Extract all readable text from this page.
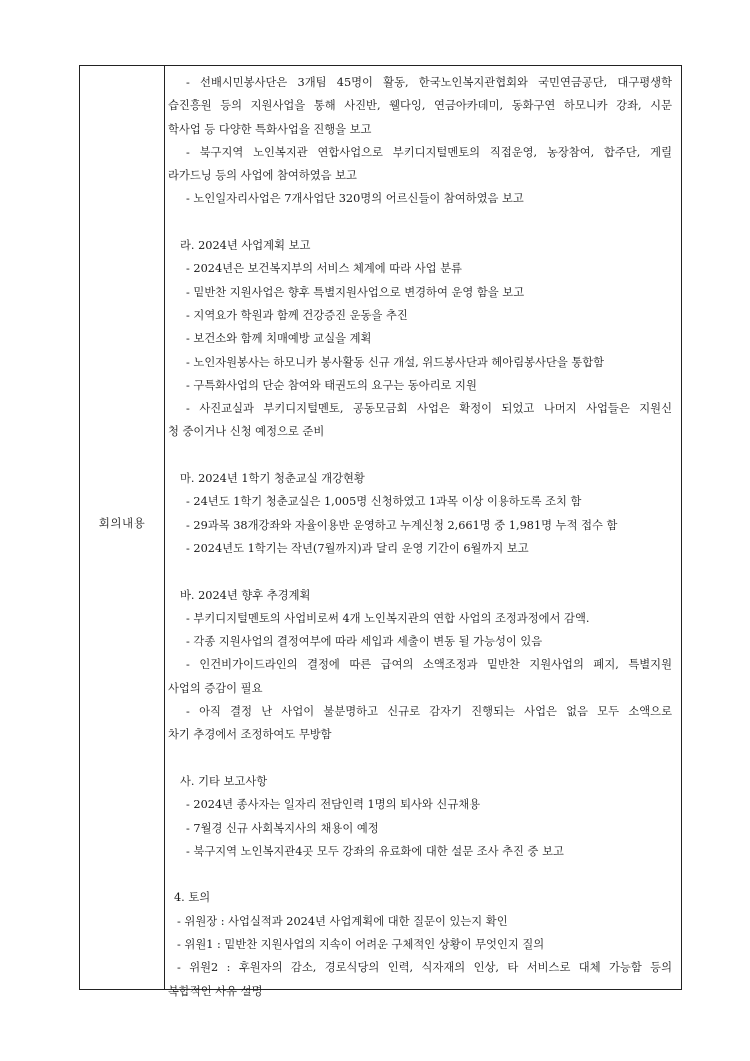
회의내용
- 선배시민봉사단은 3개팀 45명이 활동, 한국노인복지관협회와 국민연금공단, 대구평생학
습진흥원 등의 지원사업을 통해 사진반, 웰다잉, 연금아카데미, 동화구연 하모니카 강좌, 시문
학사업 등 다양한 특화사업을 진행을 보고
- 북구지역 노인복지관 연합사업으로 부키디지털멘토의 직접운영, 농장참여, 합주단, 게릴
라가드닝 등의 사업에 참여하였음 보고
- 노인일자리사업은 7개사업단 320명의 어르신들이 참여하였음 보고
라. 2024년 사업계획 보고
- 2024년은 보건복지부의 서비스 체계에 따라 사업 분류
- 밑반찬 지원사업은 향후 특별지원사업으로 변경하여 운영 함을 보고
- 지역요가 학원과 함께 건강증진 운동을 추진
- 보건소와 함께 치매예방 교실을 계획
- 노인자원봉사는 하모니카 봉사활동 신규 개설, 위드봉사단과 헤아림봉사단을 통합함
- 구특화사업의 단순 참여와 태권도의 요구는 동아리로 지원
- 사진교실과 부키디지털멘토, 공동모금회 사업은 확정이 되었고 나머지 사업들은 지원신
청 중이거나 신청 예정으로 준비
마. 2024년 1학기 청춘교실 개강현황
- 24년도 1학기 청춘교실은 1,005명 신청하였고 1과목 이상 이용하도록 조치 함
- 29과목 38개강좌와 자율이용반 운영하고 누계신청 2,661명 중 1,981명 누적 접수 함
- 2024년도 1학기는 작년(7월까지)과 달리 운영 기간이 6월까지 보고
바. 2024년 향후 추경계획
- 부키디지털멘토의 사업비로써 4개 노인복지관의 연합 사업의 조정과정에서 감액.
- 각종 지원사업의 결정여부에 따라 세입과 세출이 변동 될 가능성이 있음
- 인건비가이드라인의 결정에 따른 급여의 소액조정과 밑반찬 지원사업의 폐지, 특별지원
사업의 증감이 필요
- 아직 결정 난 사업이 불분명하고 신규로 감자기 진행되는 사업은 없음 모두 소액으로
차기 추경에서 조정하여도 무방함
사. 기타 보고사항
- 2024년 종사자는 일자리 전담인력 1명의 퇴사와 신규채용
- 7월경 신규 사회복지사의 채용이 예정
- 북구지역 노인복지관4곳 모두 강좌의 유료화에 대한 설문 조사 추진 중 보고
4. 토의
- 위원장 : 사업실적과 2024년 사업계획에 대한 질문이 있는지 확인
- 위원1 : 밑반찬 지원사업의 지속이 어려운 구체적인 상황이 무엇인지 질의
- 위원2 : 후원자의 감소, 경로식당의 인력, 식자재의 인상, 타 서비스로 대체 가능함 등의
복합적인 사유 설명
